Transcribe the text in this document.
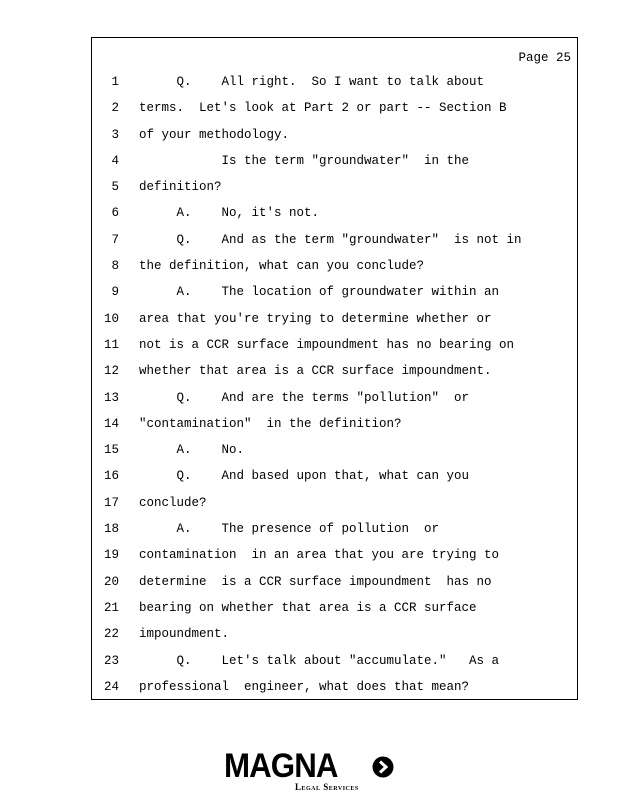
Page 25
1 Q.    All right.  So I want to talk about
2 terms.  Let's look at Part 2 or part -- Section B
3 of your methodology.
4 Is the term "groundwater"  in the
5 definition?
6 A.    No, it's not.
7 Q.    And as the term "groundwater"  is not in
8 the definition, what can you conclude?
9 A.    The location of groundwater within an
10 area that you're trying to determine whether or
11 not is a CCR surface impoundment has no bearing on
12 whether that area is a CCR surface impoundment.
13 Q.    And are the terms "pollution"  or
14 "contamination"  in the definition?
15 A.    No.
16 Q.    And based upon that, what can you
17 conclude?
18 A.    The presence of pollution  or
19 contamination  in an area that you are trying to
20 determine  is a CCR surface impoundment  has no
21 bearing on whether that area is a CCR surface
22 impoundment.
23 Q.    Let's talk about "accumulate."   As a
24 professional  engineer, what does that mean?
MAGNA
Legal Services
